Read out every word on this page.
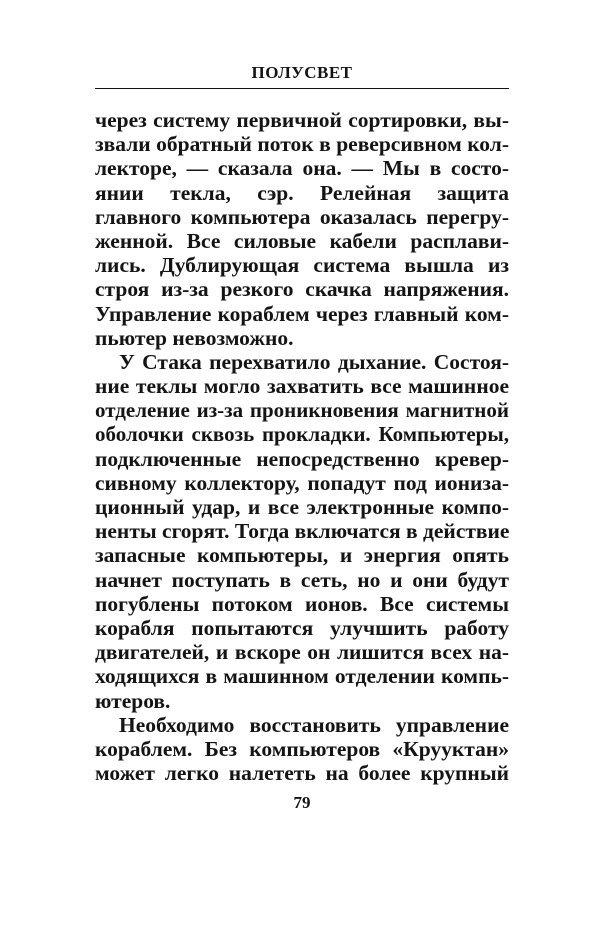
ПОЛУСВЕТ

через систему первичной сортировки, вы-
звали обратный поток в реверсивном кол-
лекторе, — сказала она. — Мы в состо-
янии текла, сэр. Релейная защита
главного компьютера оказалась перегру-
женной. Все силовые кабели расплави-
лись. Дублирующая система вышла из
строя из-за резкого скачка напряжения.
Управление кораблем через главный ком-
пьютер невозможно.

У Стака перехватило дыхание. Состоя-
ние теклы могло захватить все машинное
отделение из-за проникновения магнитной
оболочки сквозь прокладки. Компьютеры,
подключенные непосредственно кревер-
сивному коллектору, попадут под иониза-
ционный удар, и все электронные компо-
ненты сгорят. Тогда включатся в действие
запасные компьютеры, и энергия опять
начнет поступать в сеть, но и они будут
погублены потоком ионов. Все системы
корабля попытаются улучшить работу
двигателей, и вскоре он лишится всех на-
ходящихся в машинном отделении компь-
ютеров.

Необходимо восстановить управление
кораблем. Без компьютеров «Крууктан»
может легко налететь на более крупный

79
